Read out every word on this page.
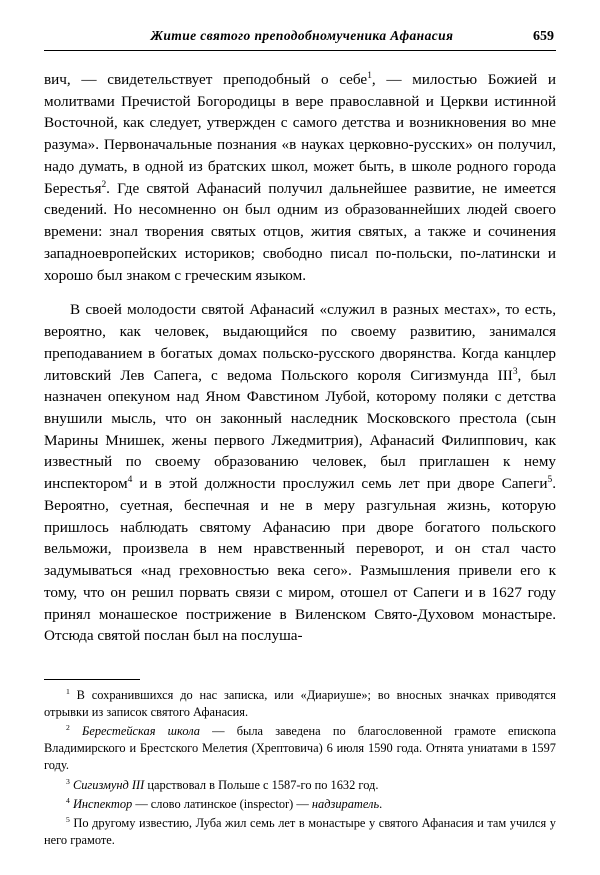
Житие святого преподобномученика Афанасия	659

вич, — свидетельствует преподобный о себе$^1$, — милостью Божией и молитвами Пречистой Богородицы в вере православной и Церкви истинной Восточной, как следует, утвержден с самого детства и возникновения во мне разума». Первоначальные познания «в науках церковно-русских» он получил, надо думать, в одной из братских школ, может быть, в школе родного города Берестья$^2$. Где святой Афанасий получил дальнейшее развитие, не имеется сведений. Но несомненно он был одним из образованнейших людей своего времени: знал творения святых отцов, жития святых, а также и сочинения западноевропейских историков; свободно писал по-польски, по-латински и хорошо был знаком с греческим языком.

В своей молодости святой Афанасий «служил в разных местах», то есть, вероятно, как человек, выдающийся по своему развитию, занимался преподаванием в богатых домах польско-русского дворянства. Когда канцлер литовский Лев Сапега, с ведома Польского короля Сигизмунда III$^3$, был назначен опекуном над Яном Фавстином Лубой, которому поляки с детства внушили мысль, что он законный наследник Московского престола (сын Марины Мнишек, жены первого Лжедмитрия), Афанасий Филиппович, как известный по своему образованию человек, был приглашен к нему инспектором$^4$ и в этой должности прослужил семь лет при дворе Сапеги$^5$. Вероятно, суетная, беспечная и не в меру разгульная жизнь, которую пришлось наблюдать святому Афанасию при дворе богатого польского вельможи, произвела в нем нравственный переворот, и он стал часто задумываться «над греховностью века сего». Размышления привели его к тому, что он решил порвать связи с миром, отошел от Сапеги и в 1627 году принял монашеское пострижение в Виленском Свято-Духовом монастыре. Отсюда святой послан был на послуша-

$^1$ В сохранившихся до нас записка, или «Диариуше»; во вносных значках приводятся отрывки из записок святого Афанасия.

$^2$ Берестейская школа — была заведена по благословенной грамоте епископа Владимирского и Брестского Мелетия (Хрептовича) 6 июля 1590 года. Отнята униатами в 1597 году.

$^3$ Сигизмунд III царствовал в Польше с 1587-го по 1632 год.

$^4$ Инспектор — слово латинское (inspector) — надзиратель.

$^5$ По другому известию, Луба жил семь лет в монастыре у святого Афанасия и там учился у него грамоте.
